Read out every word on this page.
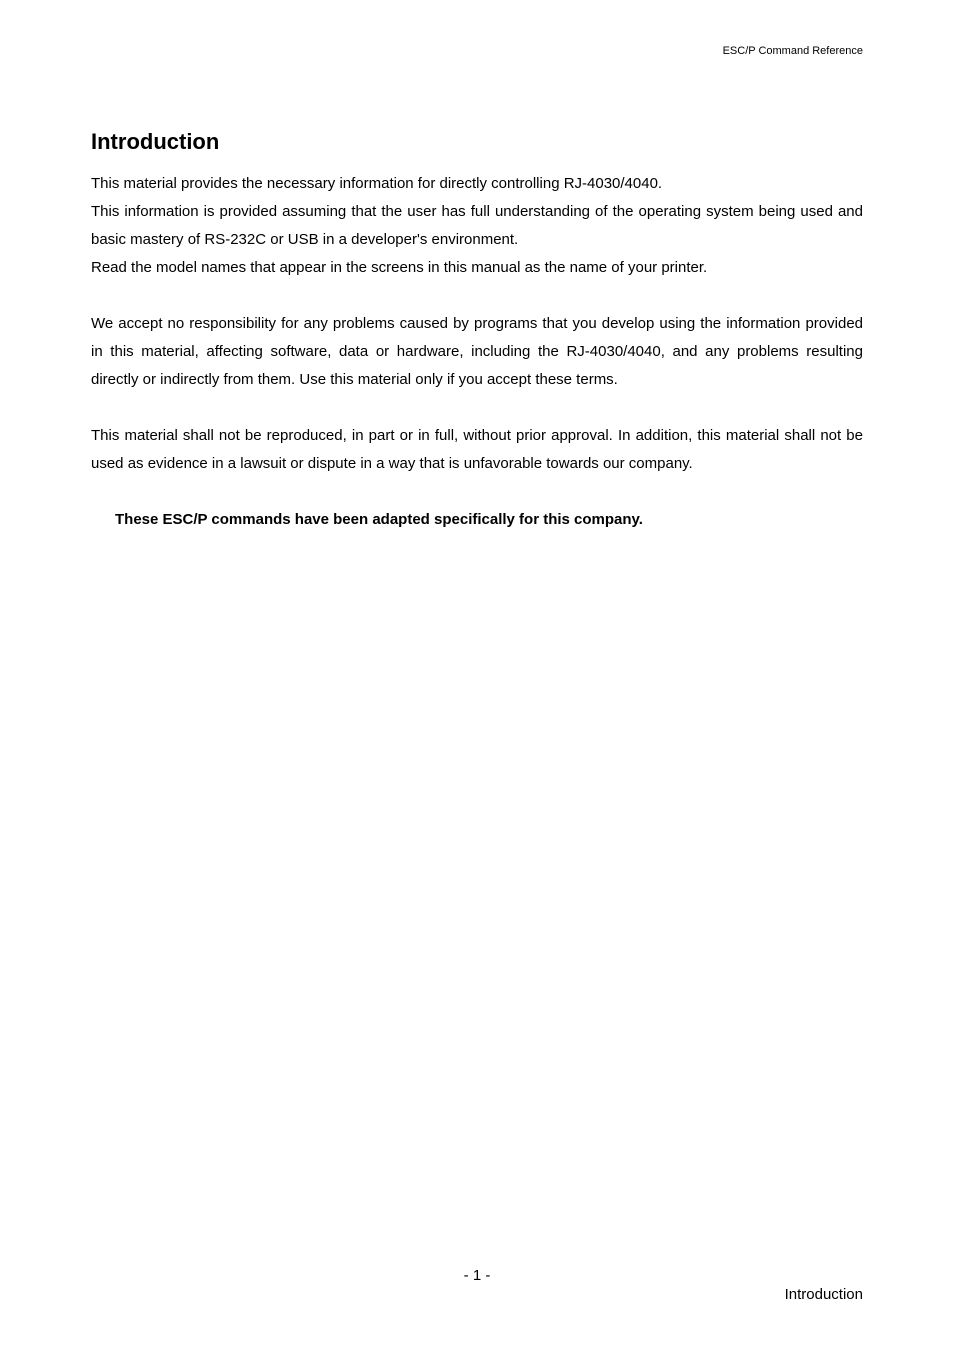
ESC/P Command Reference
Introduction
This material provides the necessary information for directly controlling RJ-4030/4040.
This information is provided assuming that the user has full understanding of the operating system being used and basic mastery of RS-232C or USB in a developer's environment.
Read the model names that appear in the screens in this manual as the name of your printer.

We accept no responsibility for any problems caused by programs that you develop using the information provided in this material, affecting software, data or hardware, including the RJ-4030/4040, and any problems resulting directly or indirectly from them. Use this material only if you accept these terms.

This material shall not be reproduced, in part or in full, without prior approval. In addition, this material shall not be used as evidence in a lawsuit or dispute in a way that is unfavorable towards our company.

These ESC/P commands have been adapted specifically for this company.

- 1 -
Introduction
